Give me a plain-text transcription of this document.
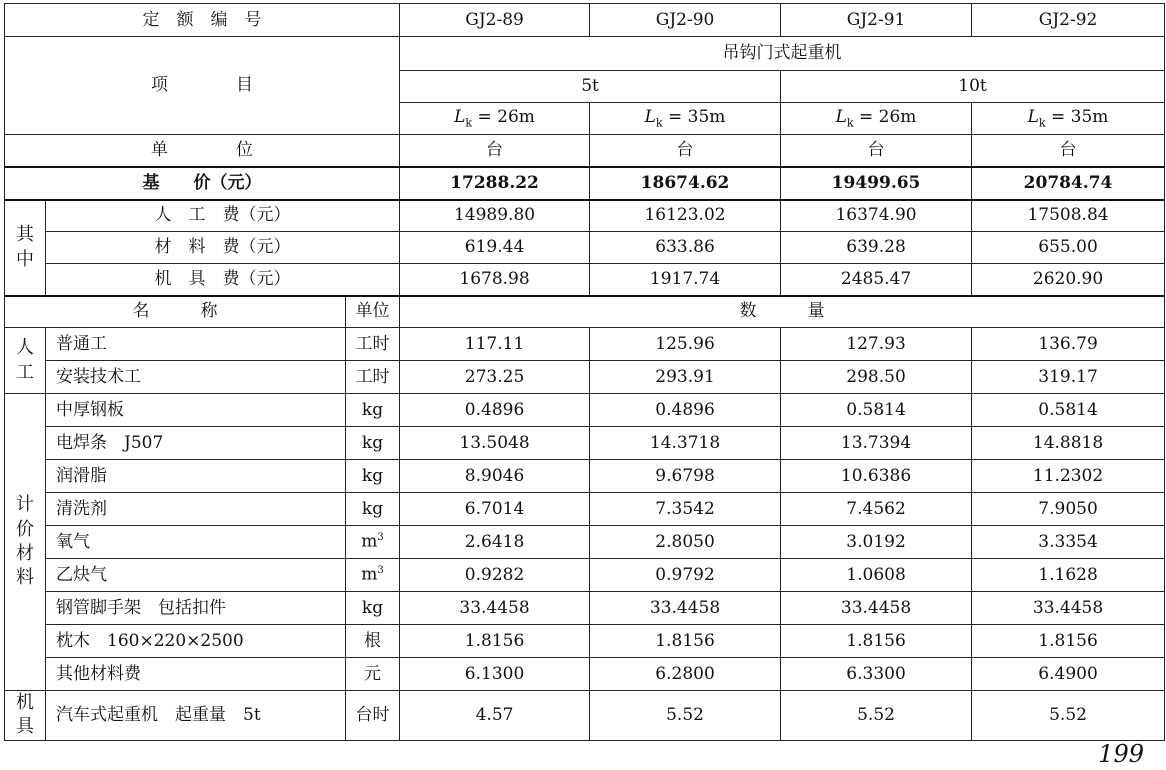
定　额　编　号			GJ2-89	GJ2-90	GJ2-91	GJ2-92
项　　　　目			吊钩门式起重机			
			5t		10t	
			$L_k = 26m$	$L_k = 35m$	$L_k = 26m$	$L_k = 35m$
单　　　　位			台	台	台	台
基　　价（元）			17288.22	18674.62	19499.65	20784.74
其 中	人　工　费（元）		14989.80	16123.02	16374.90	17508.84
	材　料　费（元）		619.44	633.86	639.28	655.00
	机　具　费（元）		1678.98	1917.74	2485.47	2620.90
名　　　称		单位	数　　　量			
人 工	普通工	工时	117.11	125.96	127.93	136.79
	安装技术工	工时	273.25	293.91	298.50	319.17
计 价 材 料	中厚钢板	kg	0.4896	0.4896	0.5814	0.5814
	电焊条　J507	kg	13.5048	14.3718	13.7394	14.8818
	润滑脂	kg	8.9046	9.6798	10.6386	11.2302
	清洗剂	kg	6.7014	7.3542	7.4562	7.9050
	氧气	$m^3$	2.6418	2.8050	3.0192	3.3354
	乙炔气	$m^3$	0.9282	0.9792	1.0608	1.1628
	钢管脚手架　包括扣件	kg	33.4458	33.4458	33.4458	33.4458
	枕木　160×220×2500	根	1.8156	1.8156	1.8156	1.8156
	其他材料费	元	6.1300	6.2800	6.3300	6.4900
机 具	汽车式起重机　起重量　5t	台时	4.57	5.52	5.52	5.52
199
